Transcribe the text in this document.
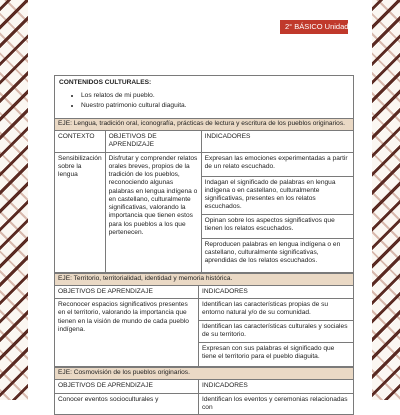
2° BÁSICO Unidad 1
CONTENIDOS CULTURALES:
• Los relatos de mi pueblo.
• Nuestro patrimonio cultural diaguita.
EJE: Lengua, tradición oral, iconografía, prácticas de lectura y escritura de los pueblos originarios.		
CONTEXTO	OBJETIVOS DE APRENDIZAJE	INDICADORES
Sensibilización sobre la lengua	Disfrutar y comprender relatos orales breves, propios de la tradición de los pueblos, reconociendo algunas palabras en lengua indígena o en castellano, culturalmente significativas, valorando la importancia que tienen estos para los pueblos a los que pertenecen.	Expresan las emociones experimentadas a partir de un relato escuchado.
		Indagan el significado de palabras en lengua indígena o en castellano, culturalmente significativas, presentes en los relatos escuchados.
		Opinan sobre los aspectos significativos que tienen los relatos escuchados.
		Reproducen palabras en lengua indígena o en castellano, culturalmente significativas, aprendidas de los relatos escuchados.
EJE: Territorio, territorialidad, identidad y memoria histórica.	
OBJETIVOS DE APRENDIZAJE	INDICADORES
Reconocer espacios significativos presentes en el territorio, valorando la importancia que tienen en la visión de mundo de cada pueblo indígena.	Identifican las características propias de su entorno natural y/o de su comunidad.
	Identifican las características culturales y sociales de su territorio.
	Expresan con sus palabras el significado que tiene el territorio para el pueblo diaguita.
EJE: Cosmovisión de los pueblos originarios.	
OBJETIVOS DE APRENDIZAJE	INDICADORES
Conocer eventos socioculturales y	Identifican los eventos y ceremonias relacionadas con
